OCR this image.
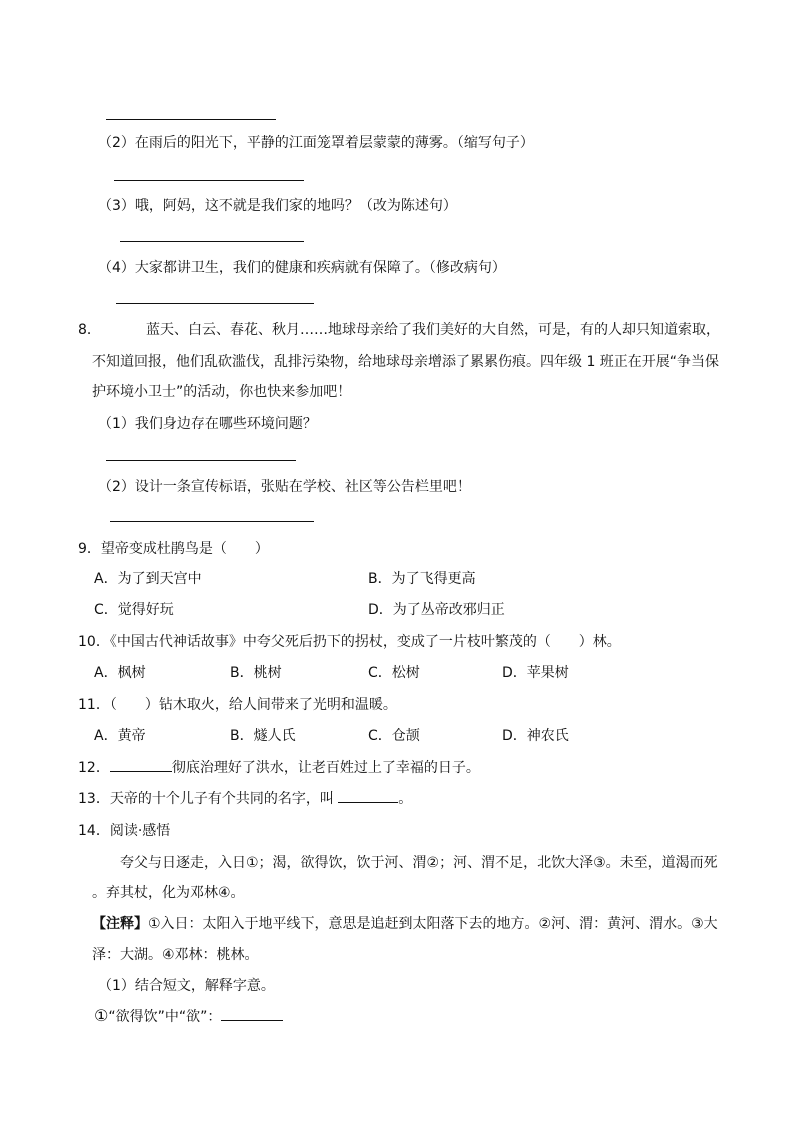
（2）在雨后的阳光下，平静的江面笼罩着层蒙蒙的薄雾。（缩写句子）
（3）哦，阿妈，这不就是我们家的地吗？（改为陈述句）
（4）大家都讲卫生，我们的健康和疾病就有保障了。（修改病句）
8．	蓝天、白云、春花、秋月……地球母亲给了我们美好的大自然，可是，有的人却只知道索取，
不知道回报，他们乱砍滥伐，乱排污染物，给地球母亲增添了累累伤痕。四年级 1 班正在开展“争当保
护环境小卫士”的活动，你也快来参加吧！
（1）我们身边存在哪些环境问题？
（2）设计一条宣传标语，张贴在学校、社区等公告栏里吧！
9．望帝变成杜鹃鸟是（　　）
A．为了到天宫中	B．为了飞得更高
C．觉得好玩	D．为了丛帝改邪归正
10．《中国古代神话故事》中夸父死后扔下的拐杖，变成了一片枝叶繁茂的（　　）林。
A．枫树	B．桃树	C．松树	D．苹果树
11．（　　）钻木取火，给人间带来了光明和温暖。
A．黄帝	B．燧人氏	C．仓颉	D．神农氏
12．	彻底治理好了洪水，让老百姓过上了幸福的日子。
13．天帝的十个儿子有个共同的名字，叫	。
14．阅读·感悟
夸父与日逐走，入日①；渴，欲得饮，饮于河、渭②；河、渭不足，北饮大泽③。未至，道渴而死
。弃其杖，化为邓林④。
【注释】①入日：太阳入于地平线下，意思是追赶到太阳落下去的地方。②河、渭：黄河、渭水。③大
泽：大湖。④邓林：桃林。
（1）结合短文，解释字意。
①“欲得饮”中“欲”：
